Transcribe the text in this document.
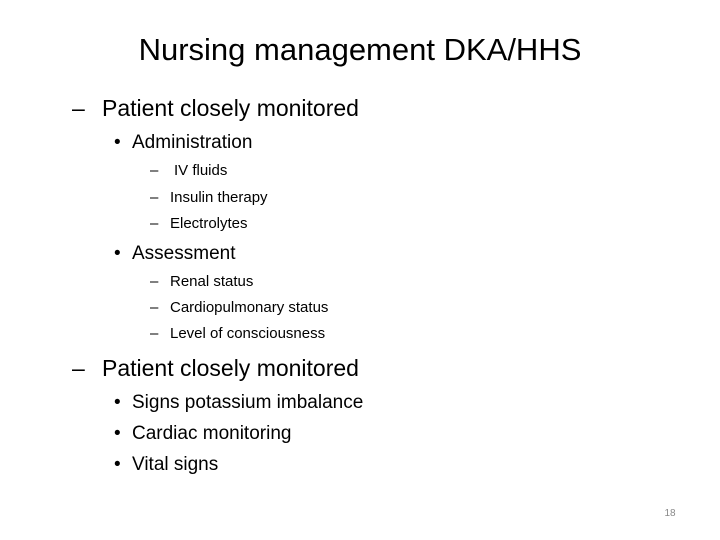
Nursing management DKA/HHS
– Patient closely monitored
• Administration
–	IV fluids
– Insulin therapy
– Electrolytes
• Assessment
– Renal status
– Cardiopulmonary status
– Level of consciousness
– Patient closely monitored
• Signs potassium imbalance
• Cardiac monitoring
• Vital signs
18
